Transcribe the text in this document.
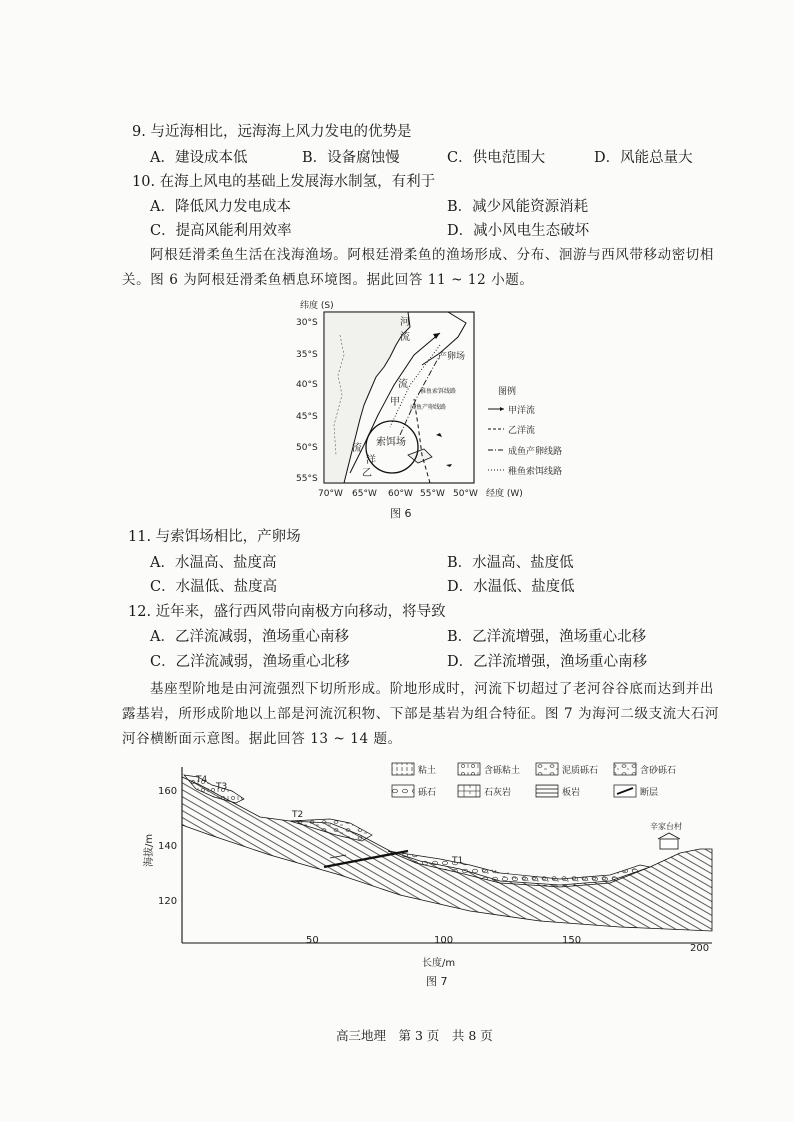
9. 与近海相比，远海海上风力发电的优势是
A．建设成本低	B．设备腐蚀慢	C．供电范围大	D．风能总量大
10. 在海上风电的基础上发展海水制氢，有利于
A．降低风力发电成本	B．减少风能资源消耗
C．提高风能利用效率	D．减小风电生态破坏
阿根廷滑柔鱼生活在浅海渔场。阿根廷滑柔鱼的渔场形成、分布、洄游与西风带移动密切相
关。图 6 为阿根廷滑柔鱼栖息环境图。据此回答 11 ~ 12 小题。
纬度 (S)
30°S
35°S
40°S
45°S
50°S
55°S
河
流
产卵场
流
甲
稚鱼索饵线路
成鱼产卵线路
索饵场
流
洋
乙
70°W 65°W 60°W 55°W 50°W 经度 (W)
图例
甲洋流
乙洋流
成鱼产卵线路
稚鱼索饵线路
图 6
11. 与索饵场相比，产卵场
A．水温高、盐度高	B．水温高、盐度低
C．水温低、盐度高	D．水温低、盐度低
12. 近年来，盛行西风带向南极方向移动，将导致
A．乙洋流减弱，渔场重心南移	B．乙洋流增强，渔场重心北移
C．乙洋流减弱，渔场重心北移	D．乙洋流增强，渔场重心南移
基座型阶地是由河流强烈下切所形成。阶地形成时，河流下切超过了老河谷谷底而达到并出
露基岩，所形成阶地以上部是河流沉积物、下部是基岩为组合特征。图 7 为海河二级支流大石河
河谷横断面示意图。据此回答 13 ~ 14 题。
160
140
120
海拔/m
50	100	150
200
长度/m
图 7
T4
T3
T2
T1
辛家台村
粘土	含砾粘土	泥质砾石	含砂砾石
砾石	石灰岩	板岩	断层
高三地理　第 3 页　共 8 页
